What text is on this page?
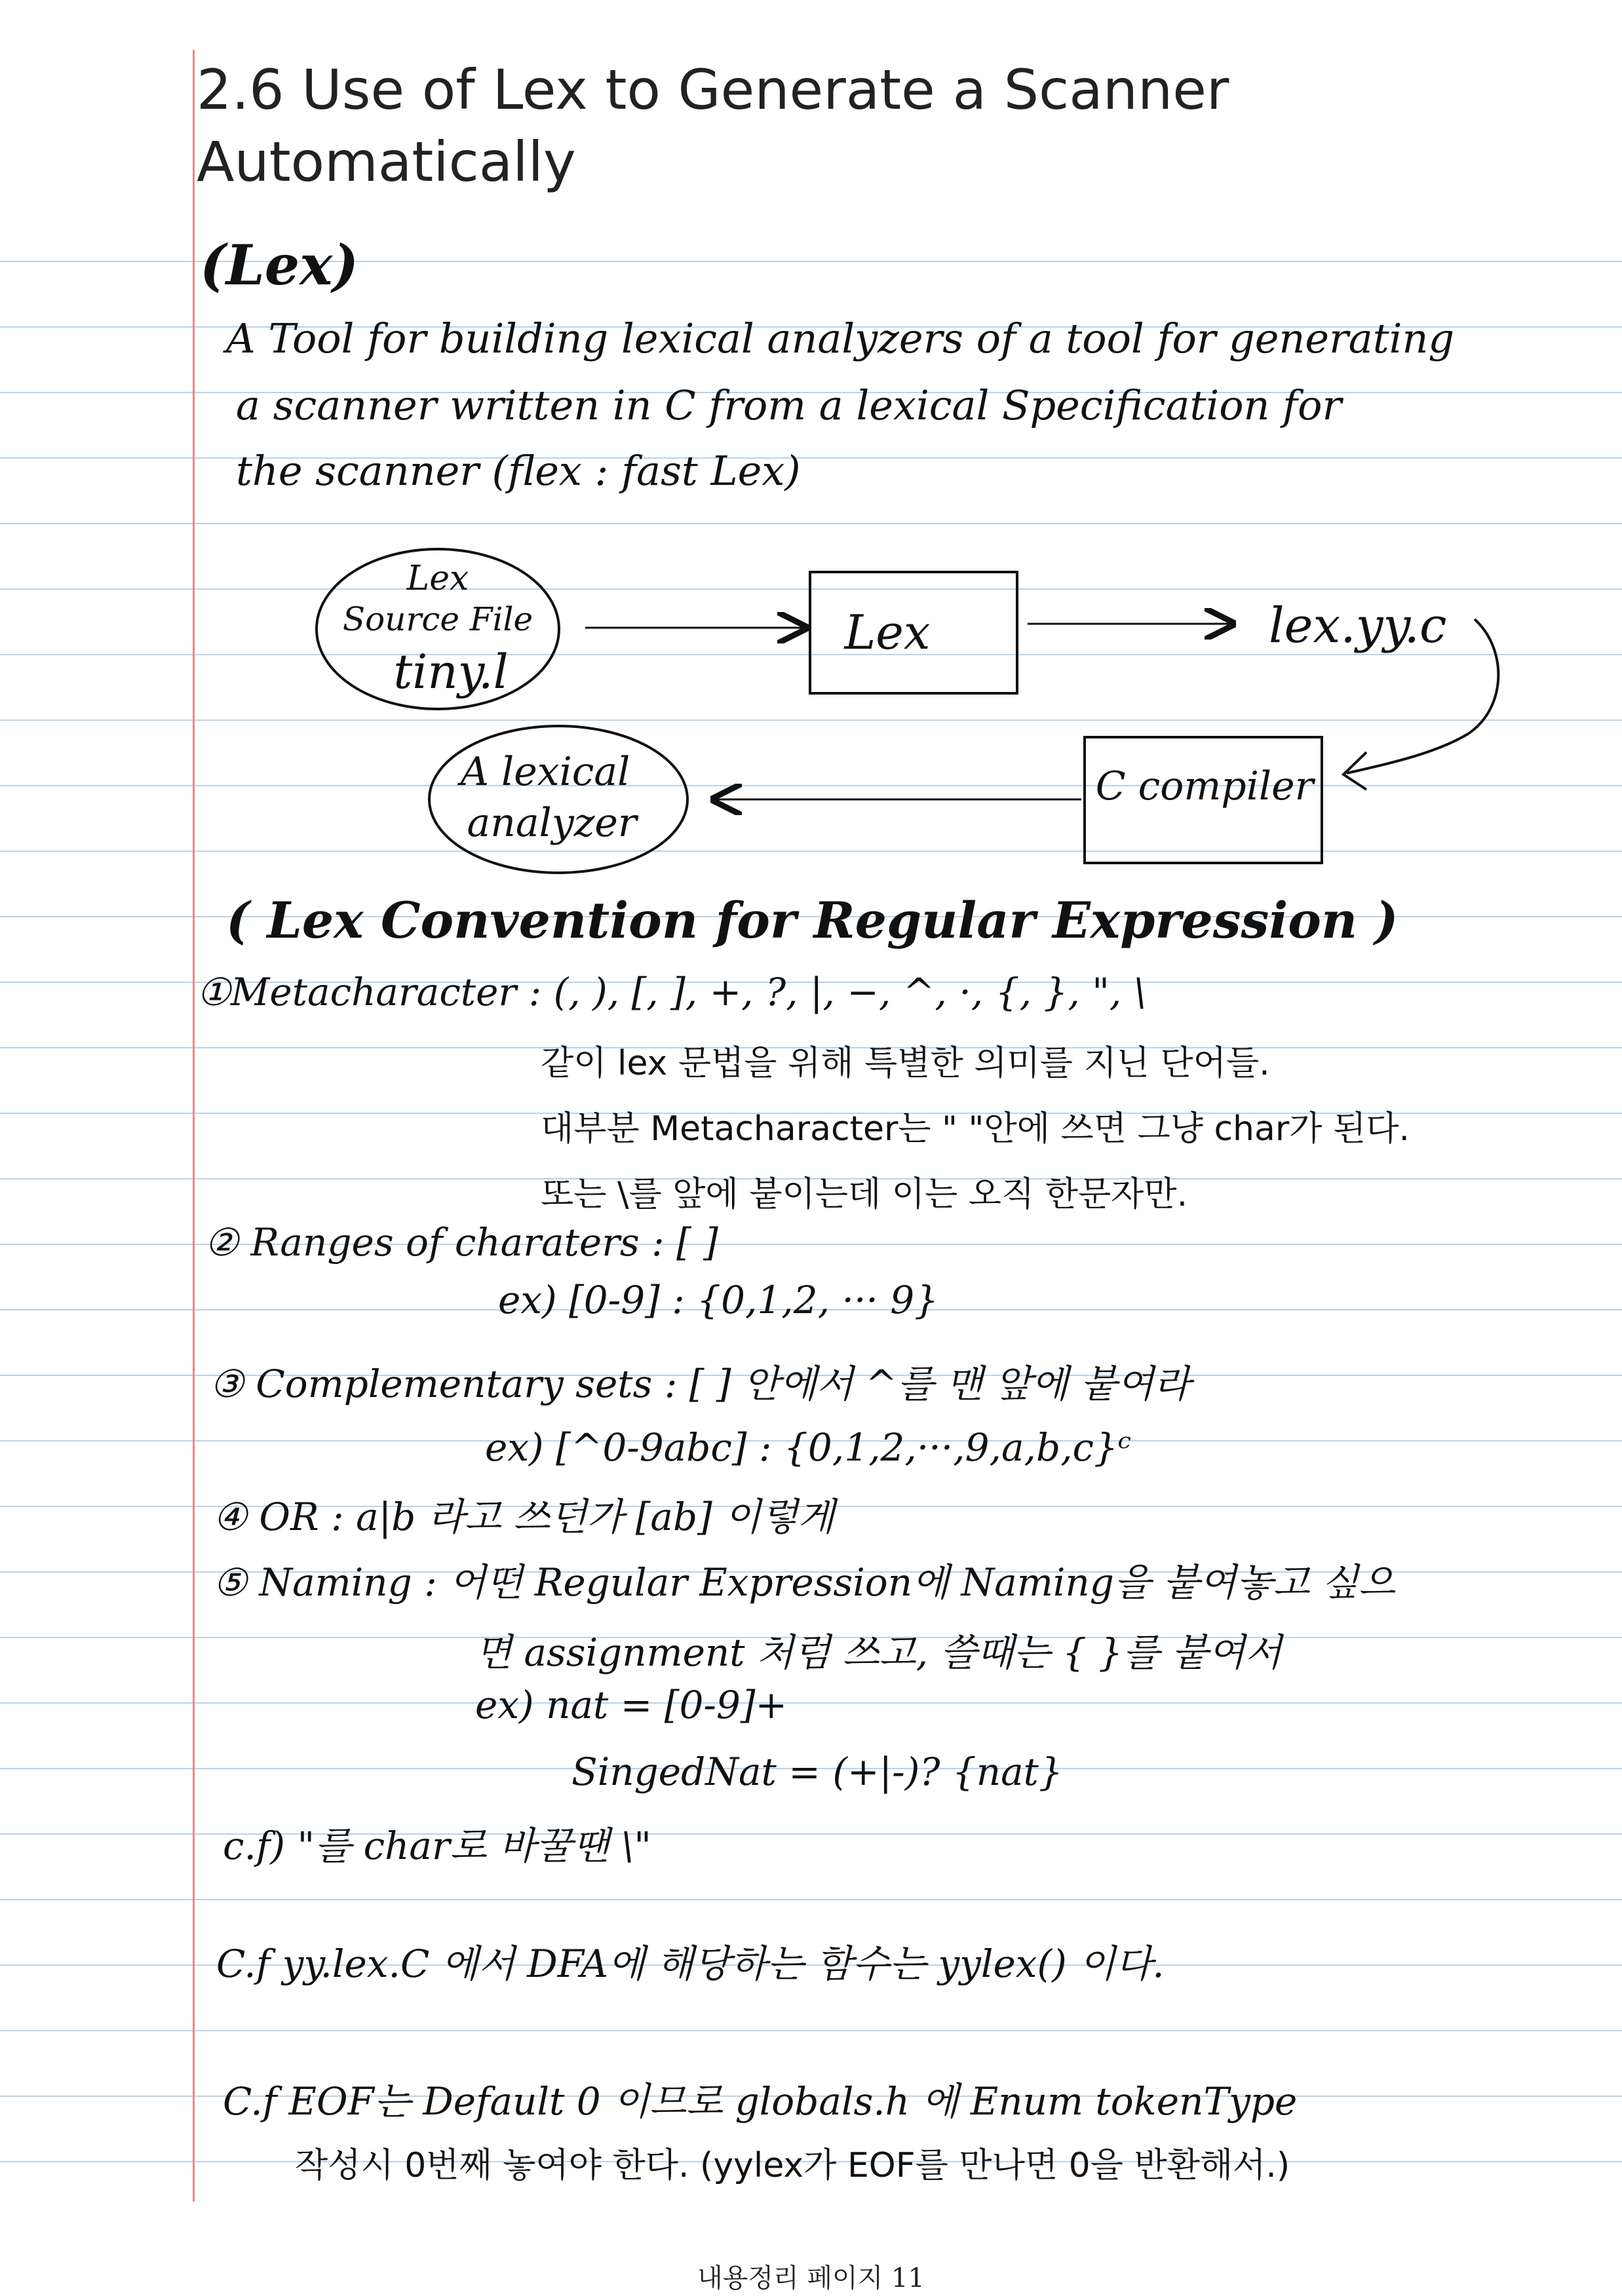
2.6 Use of Lex to Generate a Scanner
Automatically
(Lex)
A Tool for building lexical analyzers of a tool for generating
a scanner written in C from a lexical Specification for
the scanner (flex : fast Lex)
Lex
Source File
tiny.l
Lex	lex.yy.c
C compiler
A lexical
analyzer
( Lex Convention for Regular Expression )
①Metacharacter : (, ), [, ], +, ?, |, −, ^, ·, {, }, ", \
같이 lex 문법을 위해 특별한 의미를 지닌 단어들.
대부분 Metacharacter는 " "안에 쓰면 그냥 char가 된다.
또는 \를 앞에 붙이는데 이는 오직 한문자만.
② Ranges of charaters : [ ]
ex) [0-9] : {0,1,2, ··· 9}
③ Complementary sets : [ ] 안에서 ^를 맨 앞에 붙여라
ex) [^0-9abc] : {0,1,2,···,9,a,b,c}ᶜ
④ OR : a|b 라고 쓰던가 [ab] 이렇게
⑤ Naming : 어떤 Regular Expression에 Naming을 붙여놓고 싶으
면 assignment 처럼 쓰고, 쓸때는 { }를 붙여서
ex) nat = [0-9]+
SingedNat = (+|-)? {nat}
c.f) "를 char로 바꿀땐 \"
C.f yy.lex.C 에서 DFA에 해당하는 함수는 yylex() 이다.
C.f EOF는 Default 0 이므로 globals.h 에 Enum tokenType
작성시 0번째 놓여야 한다. (yylex가 EOF를 만나면 0을 반환해서.)
내용정리 페이지 11
